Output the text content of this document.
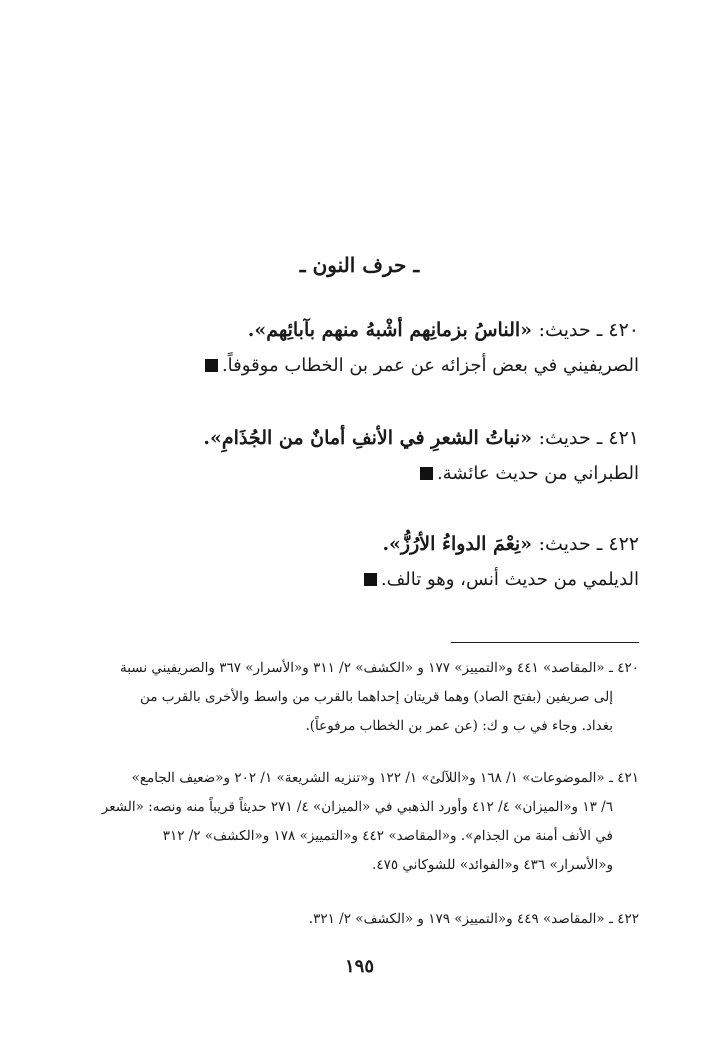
ـ حرف النون ـ
٤٢٠ ـ حديث: «الناسُ بزمانِهم أشْبهُ منهم بآبائِهم».
الصريفيني في بعض أجزائه عن عمر بن الخطاب موقوفاً.
٤٢١ ـ حديث: «نباتُ الشعرِ في الأنفِ أمانٌ من الجُذَامِ».
الطبراني من حديث عائشة.
٤٢٢ ـ حديث: «نِعْمَ الدواءُ الأرُزُّ».
الديلمي من حديث أنس، وهو تالف.
٤٢٠ ـ «المقاصد» ٤٤١ و«التمييز» ١٧٧ و «الكشف» ٢/ ٣١١ و«الأسرار» ٣٦٧ والصريفيني نسبة
إلى صريفين (بفتح الصاد) وهما قريتان إحداهما بالقرب من واسط والأخرى بالقرب من
بغداد. وجاء في ب و ك: (عن عمر بن الخطاب مرفوعاً).
٤٢١ ـ «الموضوعات» ١/ ١٦٨ و«اللآلئ» ١/ ١٢٢ و«تنزيه الشريعة» ١/ ٢٠٢ و«ضعيف الجامع»
٦/ ١٣ و«الميزان» ٤/ ٤١٢ وأورد الذهبي في «الميزان» ٤/ ٢٧١ حديثاً قريباً منه ونصه: «الشعر
في الأنف أمنة من الجذام». و«المقاصد» ٤٤٢ و«التمييز» ١٧٨ و«الكشف» ٢/ ٣١٢
و«الأسرار» ٤٣٦ و«الفوائد» للشوكاني ٤٧٥.
٤٢٢ ـ «المقاصد» ٤٤٩ و«التمييز» ١٧٩ و «الكشف» ٢/ ٣٢١.
١٩٥
